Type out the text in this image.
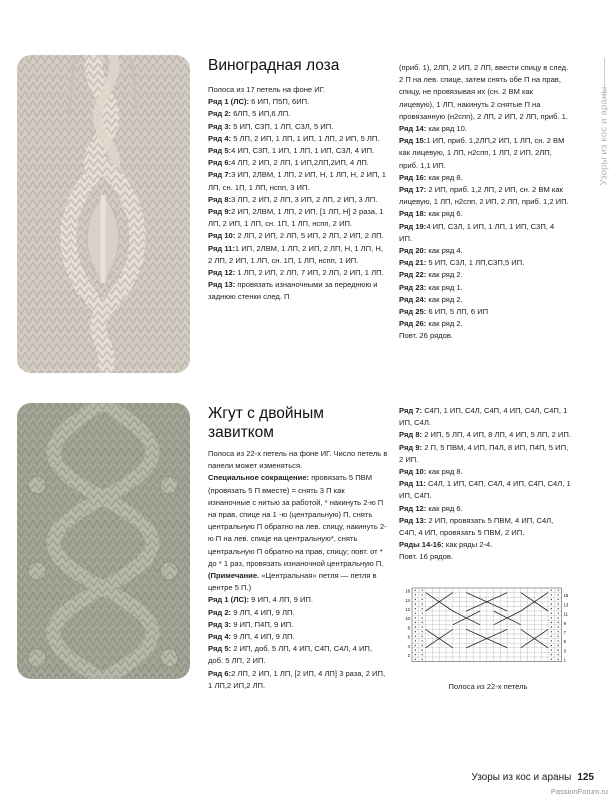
Узоры из кос и араны
Виноградная лоза

Полоса из 17 петель на фоне ИГ.

Ряд 1 (ЛС): 6 ИП, П5П, 6ИП.

Ряд 2: 6ЛП, 5 ИП,6 ЛП.

Ряд 3: 5 ИП, С3П, 1 ЛП, С3Л, 5 ИП.

Ряд 4: 5 ЛП, 2 ИП, 1 ЛП, 1 ИП, 1 ЛП, 2 ИП, 5 ЛП.

Ряд 5:4 ИП, С3П, 1 ИП, 1 ЛП, 1 ИП, С3Л, 4 ИП.

Ряд 6:4 ЛП, 2 ИП, 2 ЛП, 1 ИП,2ЛП,2ИП, 4 ЛП.

Ряд 7:3 ИП, 2ЛВМ, 1 ЛП, 2 ИП, Н, 1 ЛП, Н, 2 ИП, 1 ЛП, сн. 1П, 1 ЛП, нспп, 3 ИП.

Ряд 8:3 ЛП, 2 ИП, 2 ЛП, 3 ИП, 2 ЛП, 2 ИП, 3 ЛП.

Ряд 9:2 ИП, 2ЛВМ, 1 ЛП, 2 ИП, [1 ЛП, Н] 2 раза, 1 ЛП, 2 ИП, 1 ЛП, сн. 1П, 1 ЛП, нспп, 2 ИП.

Ряд 10: 2 ЛП, 2 ИП, 2 ЛП, 5 ИП, 2 ЛП, 2 ИП, 2 ЛП.

Ряд 11:1 ИП, 2ЛВМ, 1 ЛП, 2 ИП, 2 ЛП, Н, 1 ЛП, Н, 2 ЛП, 2 ИП, 1 ЛП, сн. 1П, 1 ЛП, нспп, 1 ИП.

Ряд 12: 1 ЛП, 2 ИП, 2 ЛП, 7 ИП, 2 ЛП, 2 ИП, 1 ЛП.

Ряд 13: провязать изнаночными за переднюю и заднюю стенки след. П

(приб. 1), 2ЛП, 2 ИП, 2 ЛП, ввести спицу в след. 2 П на лев. спице, затем снять обе П на прав, спицу, не провязывая их (сн. 2 ВМ как лицевую), 1 ЛП, накинуть 2 снятые П на провязанную (н2спп), 2 ЛП, 2 ИП, 2 ЛП, приб. 1.

Ряд 14: как ряд 10.

Ряд 15:1 ИП, приб. 1,2ЛП,2 ИП, 1 ЛП, сн. 2 ВМ как лицевую, 1 ЛП, н2спп, 1 ЛП, 2 ИП, 2ЛП, приб. 1,1 ИП.

Ряд 16: как ряд 8.

Ряд 17: 2 ИП, приб. 1,2 ЛП, 2 ИП, сн. 2 ВМ как лицевую, 1 ЛП, н2спп, 2 ИП, 2 ЛП, приб. 1,2 ИП.

Ряд 18: как ряд 6.

Ряд 19:4 ИП, С3Л, 1 ИП, 1 ЛП, 1 ИП, С3П, 4 ИП.

Ряд 20: как ряд 4.

Ряд 21: 5 ИП, С3Л, 1 ЛП,С3П,5 ИП.

Ряд 22: как ряд 2.

Ряд 23: как ряд 1.

Ряд 24: как ряд 2.

Ряд 25: 6 ИП, 5 ЛП, 6 ИП

Ряд 26: как ряд 2.

Повт. 26 рядов.

Жгут с двойным завитком

Полоса из 22-х петель на фоне ИГ. Число петель в панели может изменяться.

Специальное сокращение: провязать 5 ПВМ (провязать 5 П вместе) = снять 3 П как изнаночные с нитью за работой, * накинуть 2-ю П на прав, спице на 1 -ю (центральную) П, снять центральную П обратно на лев. спицу, накинуть 2-ю П на лев. спице на центральную*, снять центральную П обратно на прав, спицу; повт. от * до * 1 раз, провязать изнаночной центральную П.

(Примечание. «Центральная» петля — петля в центре 5 П.)

Ряд 1 (ЛС): 9 ИП, 4 ЛП, 9 ИП.

Ряд 2: 9 ЛП, 4 ИП, 9 ЛП.

Ряд 3: 9 ИП, П4П, 9 ИП.

Ряд 4: 9 ЛП, 4 ИП, 9 ЛП.

Ряд 5: 2 ИП, доб. 5 ЛП, 4 ИП, С4П, С4Л, 4 ИП, доб. 5 ЛП, 2 ИП.

Ряд 6:2 ЛП, 2 ИП, 1 ЛП, [2 ИП, 4 ЛП] 3 раза, 2 ИП, 1 ЛП,2 ИП,2 ЛП.

Ряд 7: С4П, 1 ИП, С4Л, С4П, 4 ИП, С4Л, С4П, 1 ИП, С4Л.

Ряд 8: 2 ИП, 5 ЛП, 4 ИП, 8 ЛП, 4 ИП, 5 ЛП, 2 ИП.

Ряд 9: 2 П, 5 ПВМ, 4 ИП, П4Л, 8 ИП, П4П, 5 ИП, 2 ИП.

Ряд 10: как ряд 8.

Ряд 11: С4Л, 1 ИП, С4П, С4Л, 4 ИП, С4П, С4Л, 1 ИП, С4П.

Ряд 12: как ряд 6.

Ряд 13: 2 ИП, провязать 5 ПВМ, 4 ИП, С4Л, С4П, 4 ИП, провязать 5 ПВМ, 2 ИП.

Ряды 14-16: как ряды 2-4.

Повт. 16 рядов.

16
14
12
10
8
6
4
2
15
13
11
9
7
5
3
1
Полоса из 22-х петель
Узоры из кос и араны 125
PassionForum.ru
